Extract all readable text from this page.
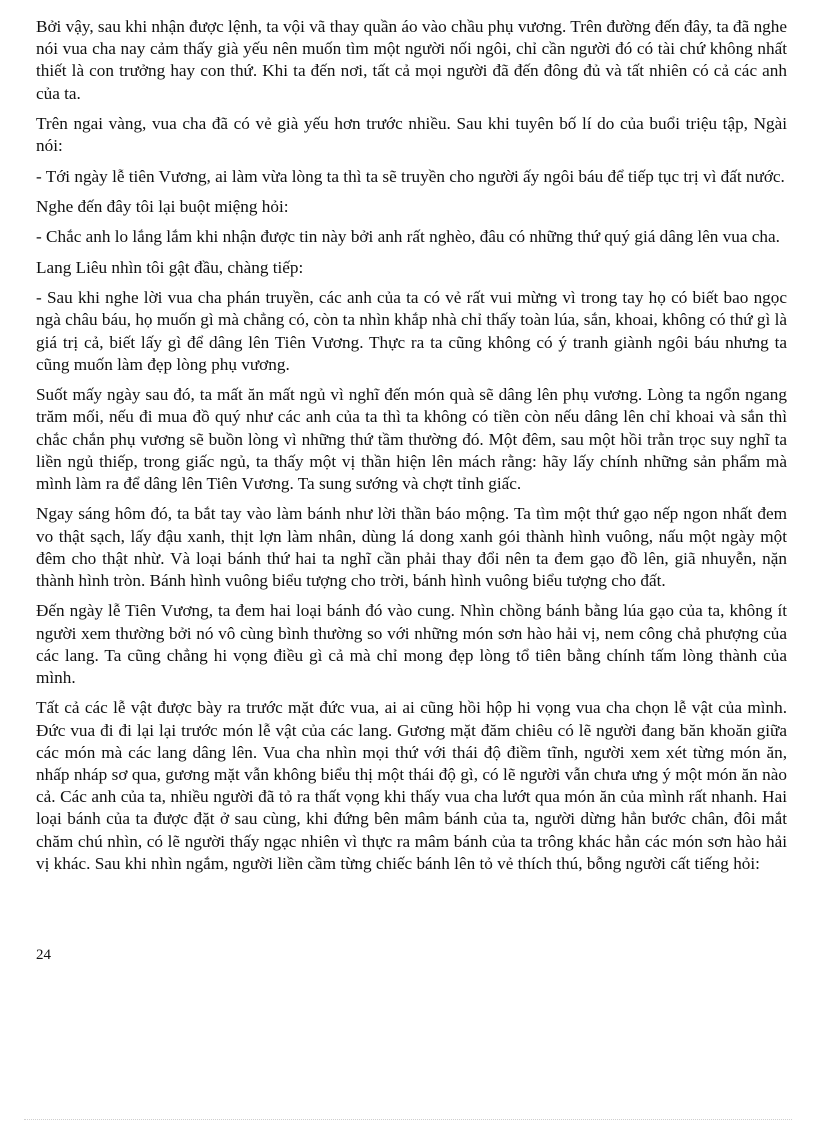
Bởi vậy, sau khi nhận được lệnh, ta vội vã thay quần áo vào chầu phụ vương. Trên đường đến đây, ta đã nghe nói vua cha nay cảm thấy già yếu nên muốn tìm một người nối ngôi, chỉ cần người đó có tài chứ không nhất thiết là con trưởng hay con thứ. Khi ta đến nơi, tất cả mọi người đã đến đông đủ và tất nhiên có cả các anh của ta.

Trên ngai vàng, vua cha đã có vẻ già yếu hơn trước nhiều. Sau khi tuyên bố lí do của buổi triệu tập, Ngài nói:

- Tới ngày lễ tiên Vương, ai làm vừa lòng ta thì ta sẽ truyền cho người ấy ngôi báu để tiếp tục trị vì đất nước.

Nghe đến đây tôi lại buột miệng hỏi:

- Chắc anh lo lắng lắm khi nhận được tin này bởi anh rất nghèo, đâu có những thứ quý giá dâng lên vua cha.

Lang Liêu nhìn tôi gật đầu, chàng tiếp:

- Sau khi nghe lời vua cha phán truyền, các anh của ta có vẻ rất vui mừng vì trong tay họ có biết bao ngọc ngà châu báu, họ muốn gì mà chẳng có, còn ta nhìn khắp nhà chỉ thấy toàn lúa, sắn, khoai, không có thứ gì là giá trị cả, biết lấy gì để dâng lên Tiên Vương. Thực ra ta cũng không có ý tranh giành ngôi báu nhưng ta cũng muốn làm đẹp lòng phụ vương.

Suốt mấy ngày sau đó, ta mất ăn mất ngủ vì nghĩ đến món quà sẽ dâng lên phụ vương. Lòng ta ngổn ngang trăm mối, nếu đi mua đồ quý như các anh của ta thì ta không có tiền còn nếu dâng lên chỉ khoai và sắn thì chắc chắn phụ vương sẽ buồn lòng vì những thứ tầm thường đó. Một đêm, sau một hồi trằn trọc suy nghĩ ta liền ngủ thiếp, trong giấc ngủ, ta thấy một vị thần hiện lên mách rằng: hãy lấy chính những sản phẩm mà mình làm ra để dâng lên Tiên Vương. Ta sung sướng và chợt tỉnh giấc.

Ngay sáng hôm đó, ta bắt tay vào làm bánh như lời thần báo mộng. Ta tìm một thứ gạo nếp ngon nhất đem vo thật sạch, lấy đậu xanh, thịt lợn làm nhân, dùng lá dong xanh gói thành hình vuông, nấu một ngày một đêm cho thật nhừ. Và loại bánh thứ hai ta nghĩ cần phải thay đổi nên ta đem gạo đồ lên, giã nhuyễn, nặn thành hình tròn. Bánh hình vuông biểu tượng cho trời, bánh hình vuông biểu tượng cho đất.

Đến ngày lễ Tiên Vương, ta đem hai loại bánh đó vào cung. Nhìn chồng bánh bằng lúa gạo của ta, không ít người xem thường bởi nó vô cùng bình thường so với những món sơn hào hải vị, nem công chả phượng của các lang. Ta cũng chẳng hi vọng điều gì cả mà chỉ mong đẹp lòng tổ tiên bằng chính tấm lòng thành của mình.

Tất cả các lễ vật được bày ra trước mặt đức vua, ai ai cũng hồi hộp hi vọng vua cha chọn lễ vật của mình. Đức vua đi đi lại lại trước món lễ vật của các lang. Gương mặt đăm chiêu có lẽ người đang băn khoăn giữa các món mà các lang dâng lên. Vua cha nhìn mọi thứ với thái độ điềm tĩnh, người xem xét từng món ăn, nhấp nháp sơ qua, gương mặt vẫn không biểu thị một thái độ gì, có lẽ người vẫn chưa ưng ý một món ăn nào cả. Các anh của ta, nhiều người đã tỏ ra thất vọng khi thấy vua cha lướt qua món ăn của mình rất nhanh. Hai loại bánh của ta được đặt ở sau cùng, khi đứng bên mâm bánh của ta, người dừng hẳn bước chân, đôi mắt chăm chú nhìn, có lẽ người thấy ngạc nhiên vì thực ra mâm bánh của ta trông khác hẳn các món sơn hào hải vị khác. Sau khi nhìn ngắm, người liền cầm từng chiếc bánh lên tỏ vẻ thích thú, bỗng người cất tiếng hỏi:

24
